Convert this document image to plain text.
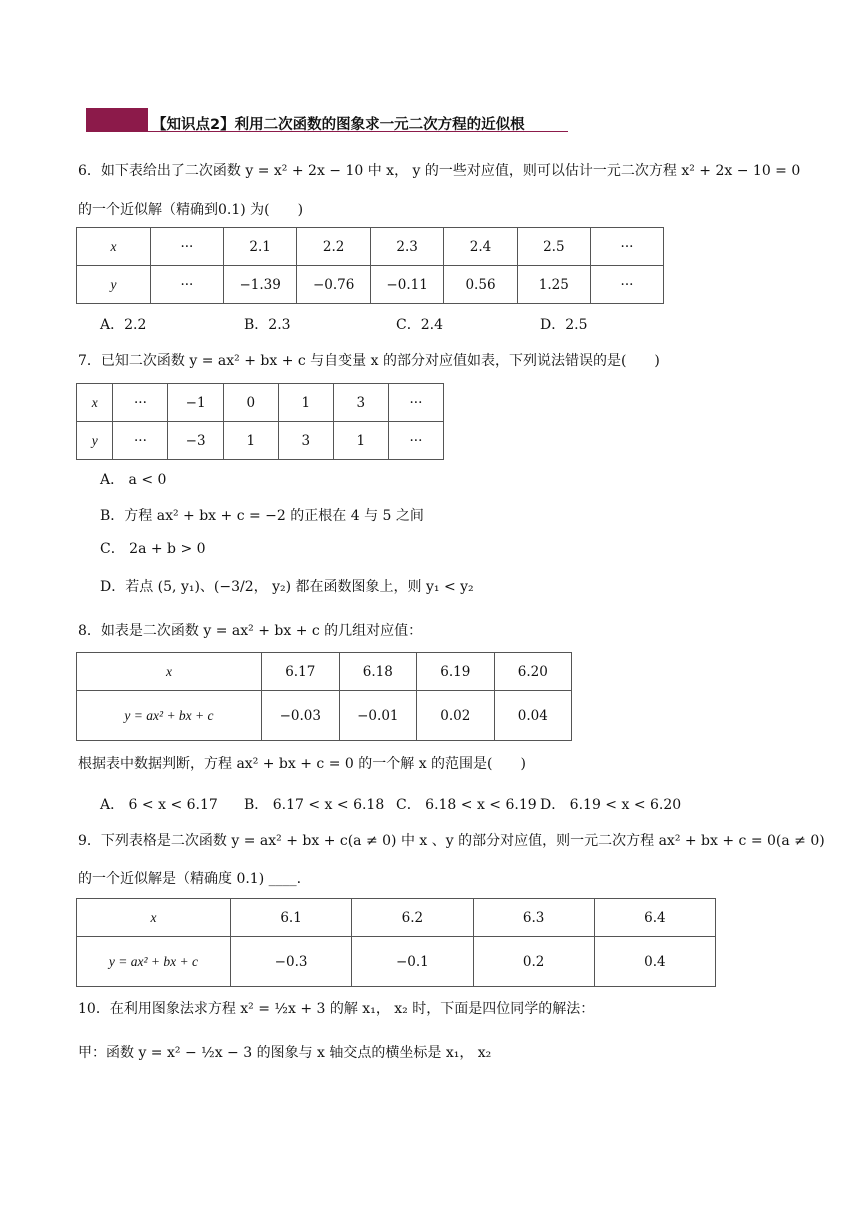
【知识点2】利用二次函数的图象求一元二次方程的近似根
6．如下表给出了二次函数 y = x² + 2x − 10 中 x， y 的一些对应值，则可以估计一元二次方程 x² + 2x − 10 = 0
的一个近似解（精确到0.1) 为(　　)
x	···	2.1	2.2	2.3	2.4	2.5	···
y	···	−1.39	−0.76	−0.11	0.56	1.25	···
A．2.2	B．2.3	C．2.4	D．2.5
7．已知二次函数 y = ax² + bx + c 与自变量 x 的部分对应值如表，下列说法错误的是(　　)
x	···	−1	0	1	3	···
y	···	−3	1	3	1	···
A． a < 0
B．方程 ax² + bx + c = −2 的正根在 4 与 5 之间
C． 2a + b > 0
D．若点 (5, y₁)、(−3/2， y₂) 都在函数图象上，则 y₁ < y₂
8．如表是二次函数 y = ax² + bx + c 的几组对应值：
x	6.17	6.18	6.19	6.20
y = ax² + bx + c	−0.03	−0.01	0.02	0.04
根据表中数据判断，方程 ax² + bx + c = 0 的一个解 x 的范围是(　　)
A． 6 < x < 6.17 B． 6.17 < x < 6.18 C． 6.18 < x < 6.19 D． 6.19 < x < 6.20
9．下列表格是二次函数 y = ax² + bx + c(a ≠ 0) 中 x 、y 的部分对应值，则一元二次方程 ax² + bx + c = 0(a ≠ 0)
的一个近似解是（精确度 0.1) ____.
x	6.1	6.2	6.3	6.4
y = ax² + bx + c	−0.3	−0.1	0.2	0.4
10．在利用图象法求方程 x² = ½x + 3 的解 x₁， x₂ 时，下面是四位同学的解法：
甲：函数 y = x² − ½x − 3 的图象与 x 轴交点的横坐标是 x₁， x₂
